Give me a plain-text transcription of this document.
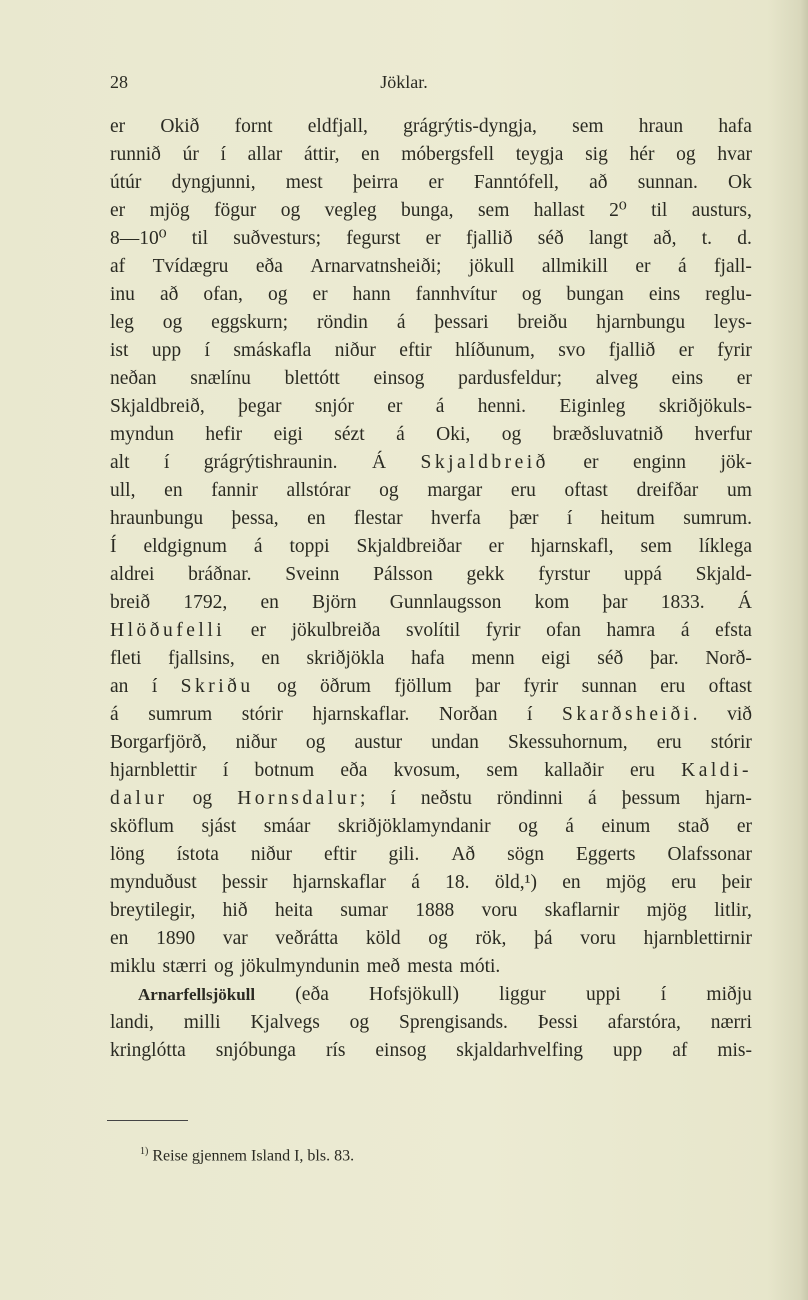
28	Jöklar.
er Okið fornt eldfjall, grágrýtis-dyngja, sem hraun hafa
runnið úr í allar áttir, en móbergsfell teygja sig hér og hvar
útúr dyngjunni, mest þeirra er Fanntófell, að sunnan. Ok
er mjög fögur og vegleg bunga, sem hallast 2⁰ til austurs,
8—10⁰ til suðvesturs; fegurst er fjallið séð langt að, t. d.
af Tvídægru eða Arnarvatnsheiði; jökull allmikill er á fjall-
inu að ofan, og er hann fannhvítur og bungan eins reglu-
leg og eggskurn; röndin á þessari breiðu hjarnbungu leys-
ist upp í smáskafla niður eftir hlíðunum, svo fjallið er fyrir
neðan snælínu blettótt einsog pardusfeldur; alveg eins er
Skjaldbreið, þegar snjór er á henni. Eiginleg skriðjökuls-
myndun hefir eigi sézt á Oki, og bræðsluvatnið hverfur
alt í grágrýtishraunin. Á Skjaldbreið er enginn jök-
ull, en fannir allstórar og margar eru oftast dreifðar um
hraunbungu þessa, en flestar hverfa þær í heitum sumrum.
Í eldgignum á toppi Skjaldbreiðar er hjarnskafl, sem líklega
aldrei bráðnar. Sveinn Pálsson gekk fyrstur uppá Skjald-
breið 1792, en Björn Gunnlaugsson kom þar 1833. Á
Hlöðufelli er jökulbreiða svolítil fyrir ofan hamra á efsta
fleti fjallsins, en skriðjökla hafa menn eigi séð þar. Norð-
an í Skriðu og öðrum fjöllum þar fyrir sunnan eru oftast
á sumrum stórir hjarnskaflar. Norðan í Skarðsheiði. við
Borgarfjörð, niður og austur undan Skessuhornum, eru stórir
hjarnblettir í botnum eða kvosum, sem kallaðir eru Kaldi-
dalur og Hornsdalur; í neðstu röndinni á þessum hjarn-
sköflum sjást smáar skriðjöklamyndanir og á einum stað er
löng ístota niður eftir gili. Að sögn Eggerts Olafssonar
mynduðust þessir hjarnskaflar á 18. öld,¹) en mjög eru þeir
breytilegir, hið heita sumar 1888 voru skaflarnir mjög litlir,
en 1890 var veðrátta köld og rök, þá voru hjarnblettirnir
miklu stærri og jökulmyndunin með mesta móti.
Arnarfellsjökull (eða Hofsjökull) liggur uppi í miðju
landi, milli Kjalvegs og Sprengisands. Þessi afarstóra, nærri
kringlótta snjóbunga rís einsog skjaldarhvelfing upp af mis-
$^{1)}$ Reise gjennem Island I, bls. 83.
